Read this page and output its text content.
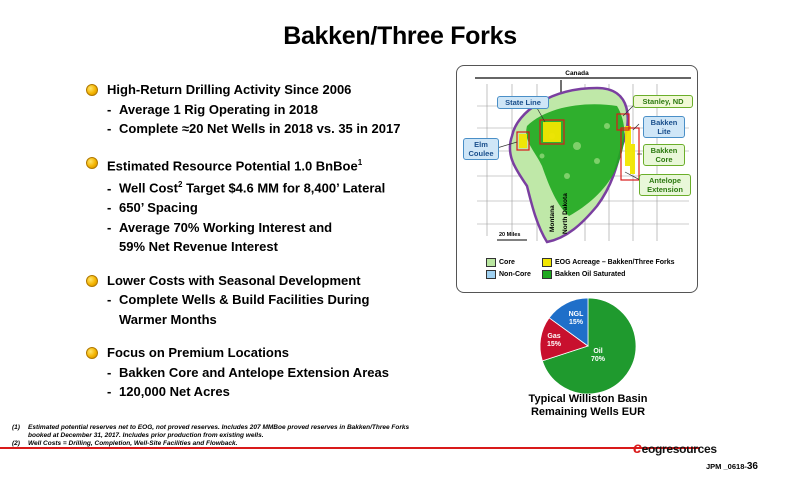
Bakken/Three Forks
High-Return Drilling Activity Since 2006
- Average 1 Rig Operating in 2018
- Complete ≈20 Net Wells in 2018 vs. 35 in 2017
Estimated Resource Potential 1.0 BnBoe$^1$
- Well Cost$^2$ Target $4.6 MM for 8,400’ Lateral
- 650’ Spacing
- Average 70% Working Interest and
59% Net Revenue Interest
Lower Costs with Seasonal Development
- Complete Wells & Build Facilities During
Warmer Months
Focus on Premium Locations
- Bakken Core and Antelope Extension Areas
- 120,000 Net Acres
Montana North Dakota
Canada
20 Miles
State Line
Elm
Coulee
Stanley, ND
Bakken
Lite
Bakken
Core
Antelope
Extension
Core
Non-Core
EOG Acreage – Bakken/Three Forks
Bakken Oil Saturated
Oil
70%
Gas
15%
NGL
15%
Typical Williston Basin
Remaining Wells EUR
(1)	Estimated potential reserves net to EOG, not proved reserves. Includes 207 MMBoe proved reserves in Bakken/Three Forks
booked at December 31, 2017. Includes prior production from existing wells.
(2)	Well Costs = Drilling, Completion, Well-Site Facilities and Flowback.	eeogresources
JPM _0618-36
